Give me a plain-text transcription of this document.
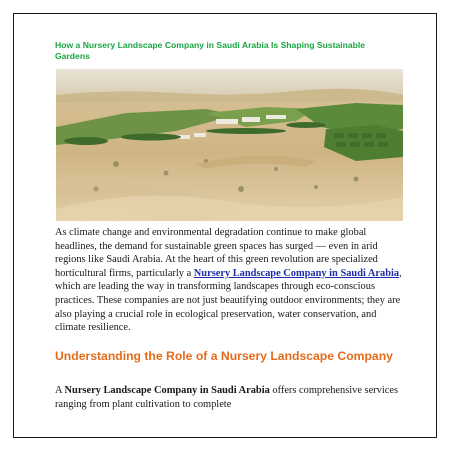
How a Nursery Landscape Company in Saudi Arabia Is Shaping Sustainable Gardens

As climate change and environmental degradation continue to make global headlines, the demand for sustainable green spaces has surged — even in arid regions like Saudi Arabia. At the heart of this green revolution are specialized horticultural firms, particularly a Nursery Landscape Company in Saudi Arabia, which are leading the way in transforming landscapes through eco-conscious practices. These companies are not just beautifying outdoor environments; they are also playing a crucial role in ecological preservation, water conservation, and climate resilience.

Understanding the Role of a Nursery Landscape Company

A Nursery Landscape Company in Saudi Arabia offers comprehensive services ranging from plant cultivation to complete
